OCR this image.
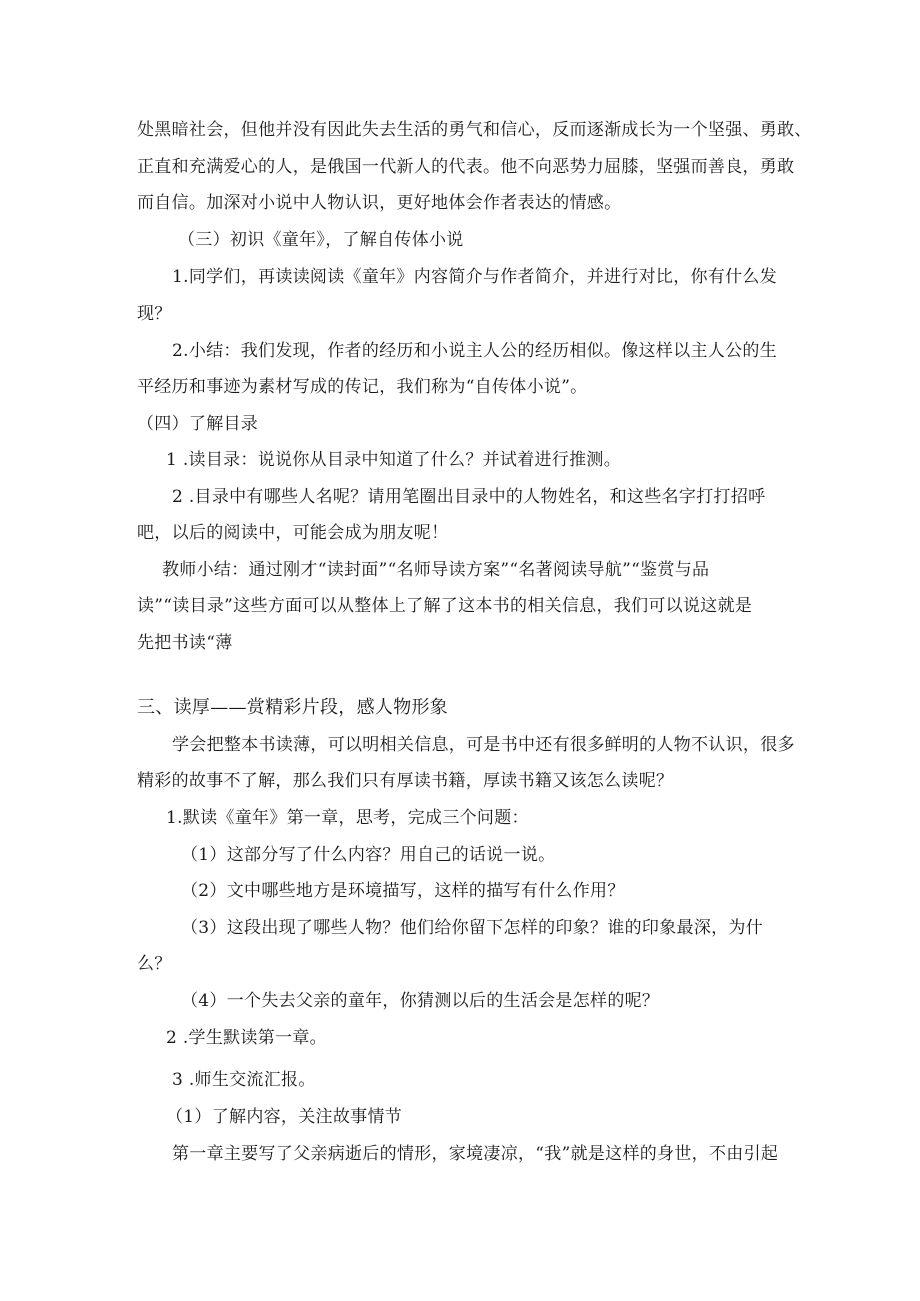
处黑暗社会，但他并没有因此失去生活的勇气和信心，反而逐渐成长为一个坚强、勇敢、
正直和充满爱心的人，是俄国一代新人的代表。他不向恶势力屈膝，坚强而善良，勇敢
而自信。加深对小说中人物认识，更好地体会作者表达的情感。
（三）初识《童年》，了解自传体小说
1.同学们，再读读阅读《童年》内容简介与作者简介，并进行对比，你有什么发
现？
2.小结：我们发现，作者的经历和小说主人公的经历相似。像这样以主人公的生
平经历和事迹为素材写成的传记，我们称为“自传体小说”。
（四）了解目录
1 .读目录：说说你从目录中知道了什么？并试着进行推测。
2 .目录中有哪些人名呢？请用笔圈出目录中的人物姓名，和这些名字打打招呼
吧，以后的阅读中，可能会成为朋友呢！
教师小结：通过刚才“读封面”“名师导读方案”“名著阅读导航”“鉴赏与品
读”“读目录”这些方面可以从整体上了解了这本书的相关信息，我们可以说这就是
先把书读“薄
三、读厚——赏精彩片段，感人物形象
学会把整本书读薄，可以明相关信息，可是书中还有很多鲜明的人物不认识，很多
精彩的故事不了解，那么我们只有厚读书籍，厚读书籍又该怎么读呢？
1.默读《童年》第一章，思考，完成三个问题：
（1）这部分写了什么内容？用自己的话说一说。
（2）文中哪些地方是环境描写，这样的描写有什么作用？
（3）这段出现了哪些人物？他们给你留下怎样的印象？谁的印象最深，为什
么？
（4）一个失去父亲的童年，你猜测以后的生活会是怎样的呢？
2 .学生默读第一章。
3 .师生交流汇报。
（1）了解内容，关注故事情节
第一章主要写了父亲病逝后的情形，家境凄凉，“我”就是这样的身世，不由引起
